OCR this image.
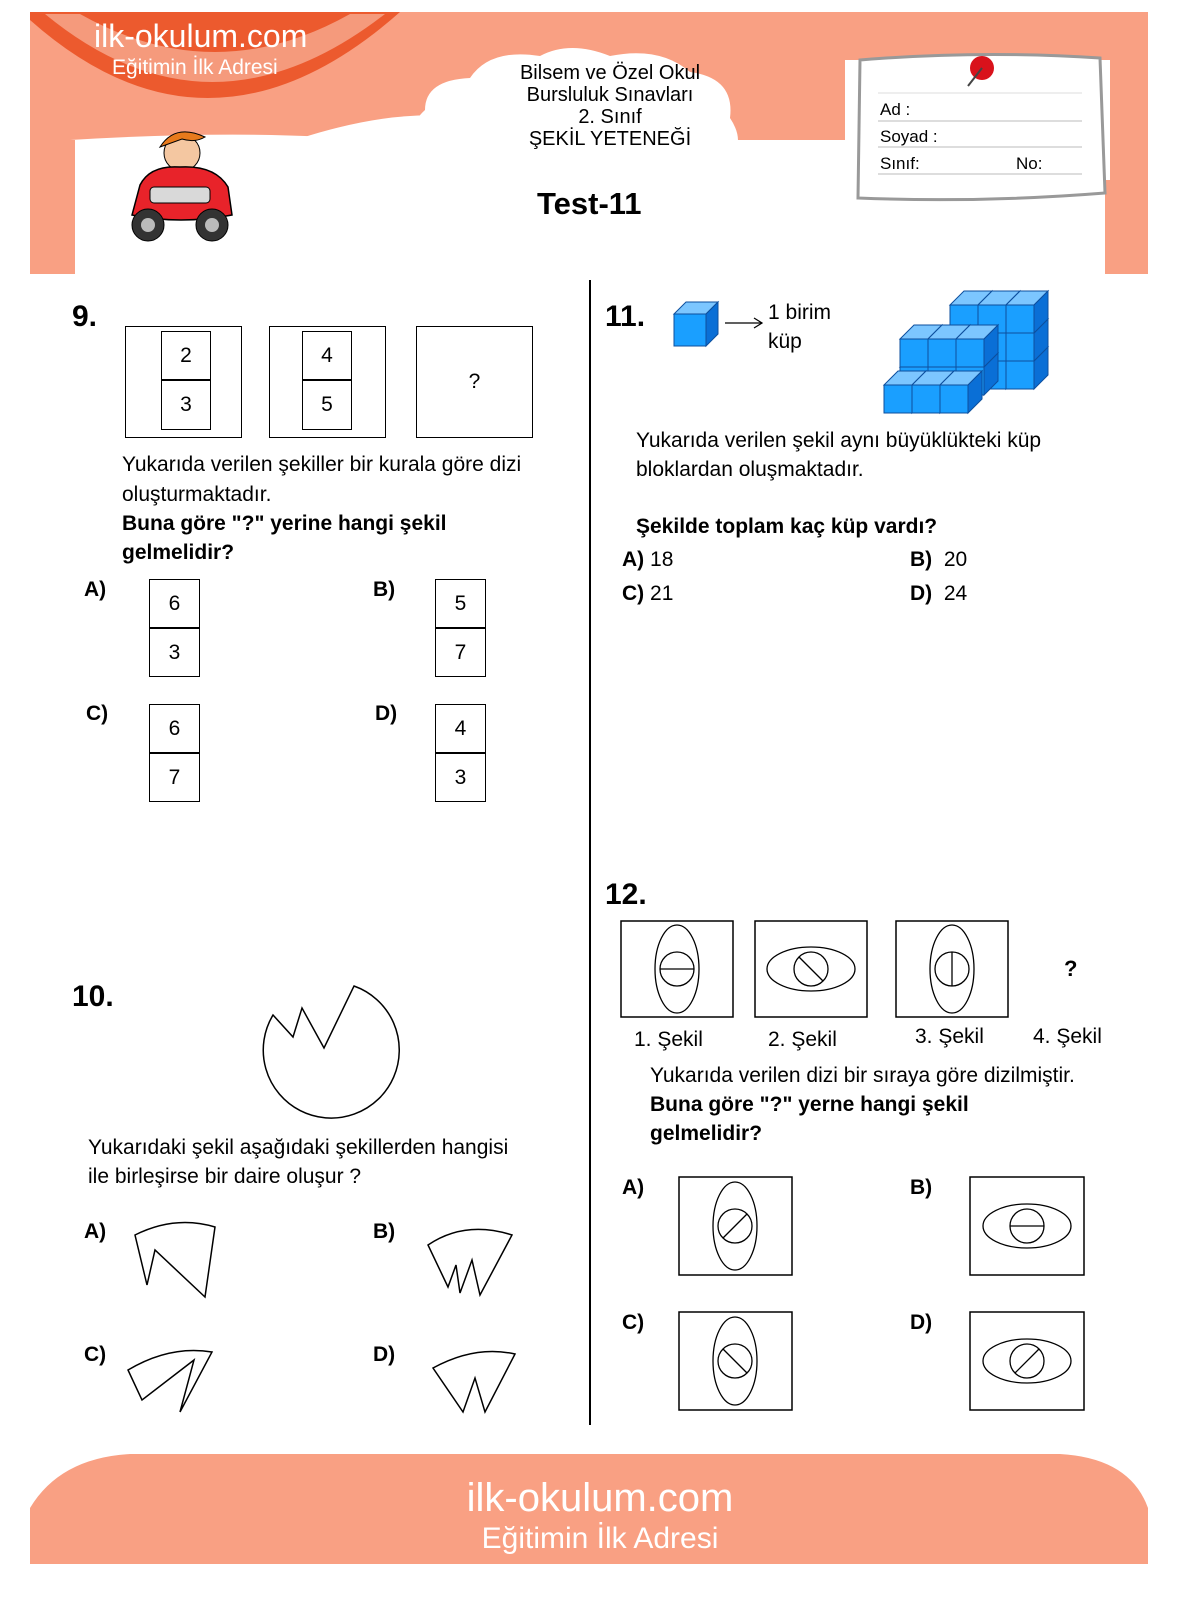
ilk-okulum.com
Eğitimin İlk Adresi	Bilsem ve Özel Okul
Bursluluk Sınavları
2. Sınıf
ŞEKİL YETENEĞİ
Ad :
Soyad :
Sınıf:	No:
Test-11
9.
2
3
4
5
?
Yukarıda verilen şekiller bir kurala göre dizi
oluşturmaktadır.
Buna göre "?" yerine hangi şekil
gelmelidir?
A)
6
3
B)
5
7
C)
6
7
D)
4
3
10.
Yukarıdaki şekil aşağıdaki şekillerden hangisi
ile birleşirse bir daire oluşur ?
A)	B)
C)	D)
11.	1 birim
küp
Yukarıda verilen şekil aynı büyüklükteki küp
bloklardan oluşmaktadır.
Şekilde toplam kaç küp vardı?
A) 18	B) 20
C) 21	D) 24
12.
?
1. Şekil	2. Şekil	3. Şekil 4. Şekil
Yukarıda verilen dizi bir sıraya göre dizilmiştir.
Buna göre "?" yerne hangi şekil
gelmelidir?
A)	B)
C)	D)
ilk-okulum.com
Eğitimin İlk Adresi
